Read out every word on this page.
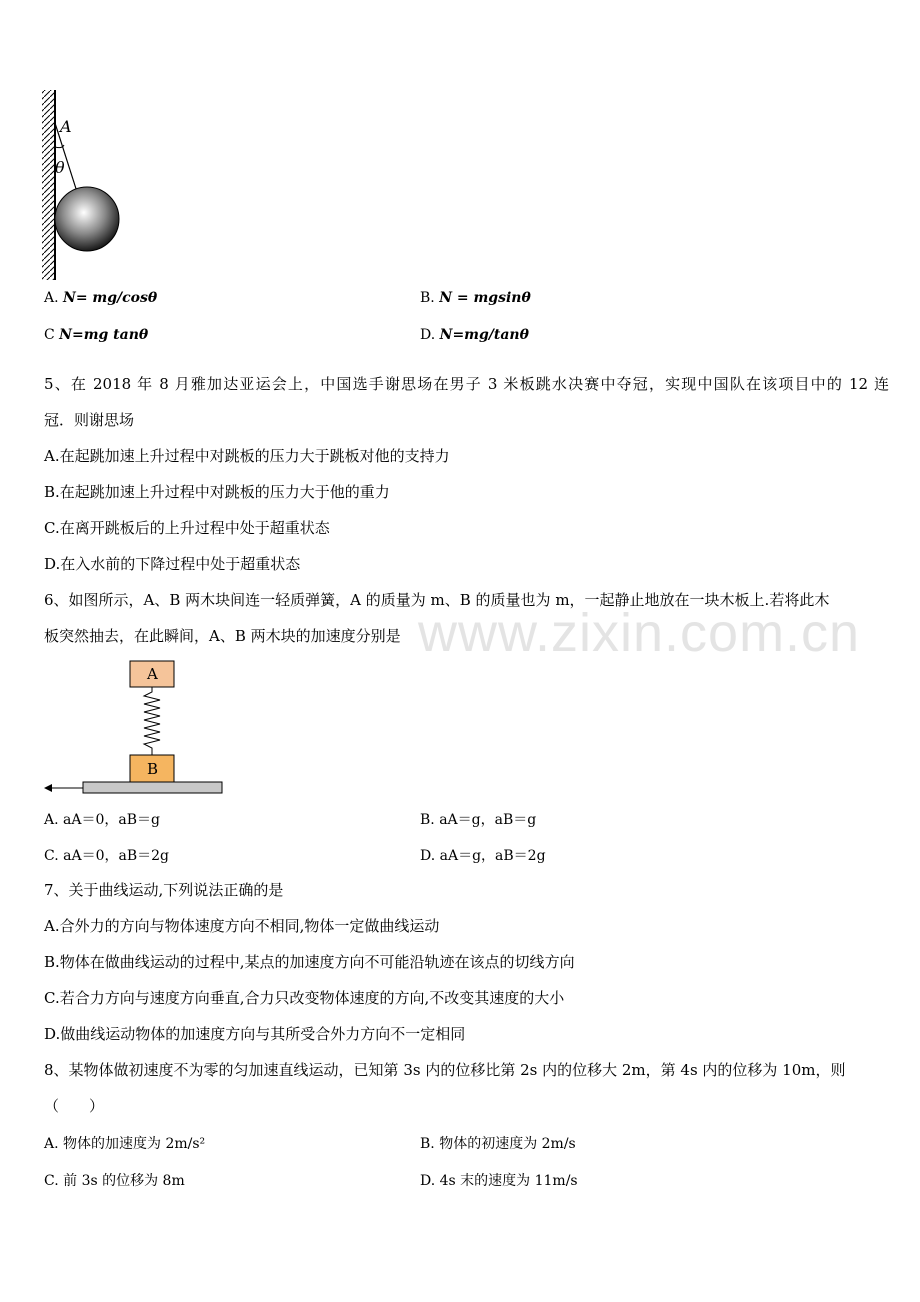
www.zixin.com.cn
A
θ
A. N= mg/cosθ	B. N = mgsinθ
C N=mg tanθ	D. N=mg/tanθ
5、在 2018 年 8 月雅加达亚运会上，中国选手谢思场在男子 3 米板跳水决赛中夺冠，实现中国队在该项目中的 12 连
冠．则谢思场
A.在起跳加速上升过程中对跳板的压力大于跳板对他的支持力
B.在起跳加速上升过程中对跳板的压力大于他的重力
C.在离开跳板后的上升过程中处于超重状态
D.在入水前的下降过程中处于超重状态
6、如图所示，A、B 两木块间连一轻质弹簧，A 的质量为 m、B 的质量也为 m，一起静止地放在一块木板上.若将此木
板突然抽去，在此瞬间，A、B 两木块的加速度分别是
A
B
A. aA＝0，aB＝g	B. aA＝g，aB＝g
C. aA＝0，aB＝2g	D. aA＝g，aB＝2g
7、关于曲线运动,下列说法正确的是
A.合外力的方向与物体速度方向不相同,物体一定做曲线运动
B.物体在做曲线运动的过程中,某点的加速度方向不可能沿轨迹在该点的切线方向
C.若合力方向与速度方向垂直,合力只改变物体速度的方向,不改变其速度的大小
D.做曲线运动物体的加速度方向与其所受合外力方向不一定相同
8、某物体做初速度不为零的匀加速直线运动，已知第 3s 内的位移比第 2s 内的位移大 2m，第 4s 内的位移为 10m，则
（　　）
A. 物体的加速度为 2m/s²	B. 物体的初速度为 2m/s
C. 前 3s 的位移为 8m	D. 4s 末的速度为 11m/s
